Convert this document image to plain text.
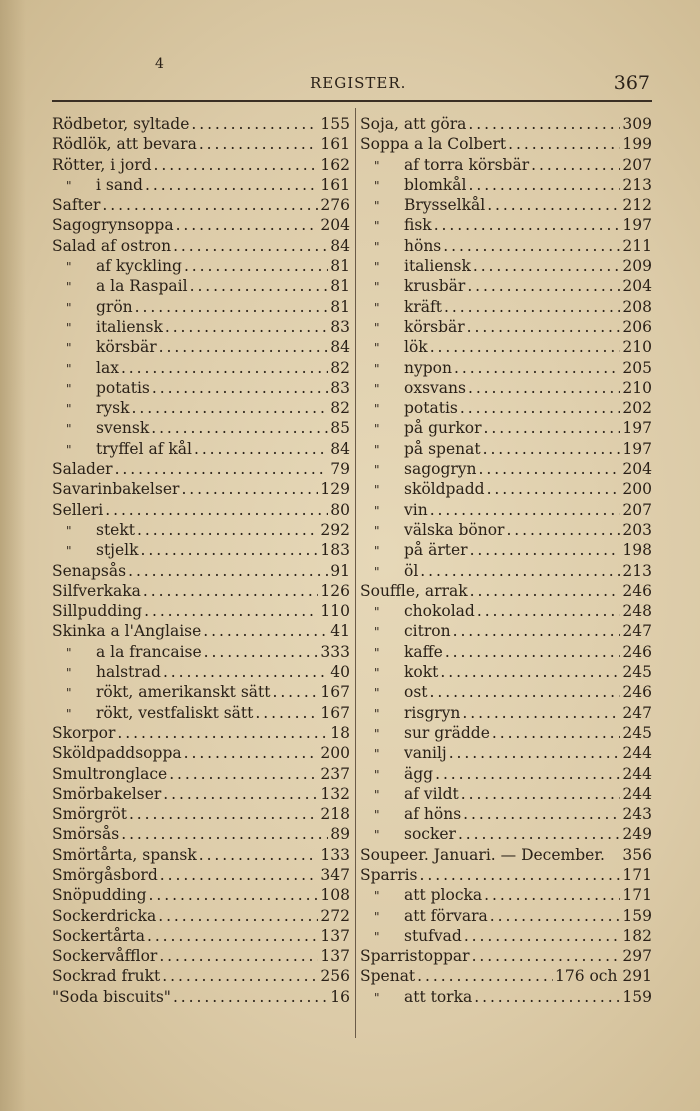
4
REGISTER.	367
Rödbetor, syltade . . .	155
Rödlök, att bevara . . .	161
Rötter, i jord . . .	162
"	i sand . . .	161
Safter . . .	276
Sagogrynsoppa . . .	204
Salad af ostron . . .	84
"	af kyckling . . .	81
"	a la Raspail . . .	81
"	grön . . .	81
"	italiensk . . .	83
"	körsbär . . .	84
"	lax . . .	82
"	potatis . . .	83
"	rysk . . .	82
"	svensk . . .	85
"	tryffel af kål . . .	84
Salader . . .	79
Savarinbakelser . . .	129
Selleri . . .	80
"	stekt . . .	292
"	stjelk . . .	183
Senapsås . . .	91
Silfverkaka . . .	126
Sillpudding . . .	110
Skinka a l'Anglaise . . .	41
"	a la francaise . . .	333
"	halstrad . . .	40
"	rökt, amerikanskt sätt . . .	167
"	rökt, vestfaliskt sätt . . .	167
Skorpor . . .	18
Sköldpaddsoppa . . .	200
Smultronglace . . .	237
Smörbakelser . . .	132
Smörgröt . . .	218
Smörsås . . .	89
Smörtårta, spansk . . .	133
Smörgåsbord . . .	347
Snöpudding . . .	108
Sockerdricka . . .	272
Sockertårta . . .	137
Sockervåfflor . . .	137
Sockrad frukt . . .	256
"Soda biscuits" . . .	16
Soja, att göra . . .	309
Soppa a la Colbert . . .	199
"	af torra körsbär . . .	207
"	blomkål . . .	213
"	Brysselkål . . .	212
"	fisk . . .	197
"	höns . . .	211
"	italiensk . . .	209
"	krusbär . . .	204
"	kräft . . .	208
"	körsbär . . .	206
"	lök . . .	210
"	nypon . . .	205
"	oxsvans . . .	210
"	potatis . . .	202
"	på gurkor . . .	197
"	på spenat . . .	197
"	sagogryn . . .	204
"	sköldpadd . . .	200
"	vin . . .	207
"	välska bönor . . .	203
"	på ärter . . .	198
"	öl . . .	213
Souffle, arrak . . .	246
"	chokolad . . .	248
"	citron . . .	247
"	kaffe . . .	246
"	kokt . . .	245
"	ost . . .	246
"	risgryn . . .	247
"	sur grädde . . .	245
"	vanilj . . .	244
"	ägg . . .	244
"	af vildt . . .	244
"	af höns . . .	243
"	socker . . .	249
Soupeer. Januari. — December. 356
Sparris . . .	171
"	att plocka . . .	171
"	att förvara . . .	159
"	stufvad . . .	182
Sparristoppar . . .	297
Spenat . . .	176 och 291
"	att torka . . .	159
